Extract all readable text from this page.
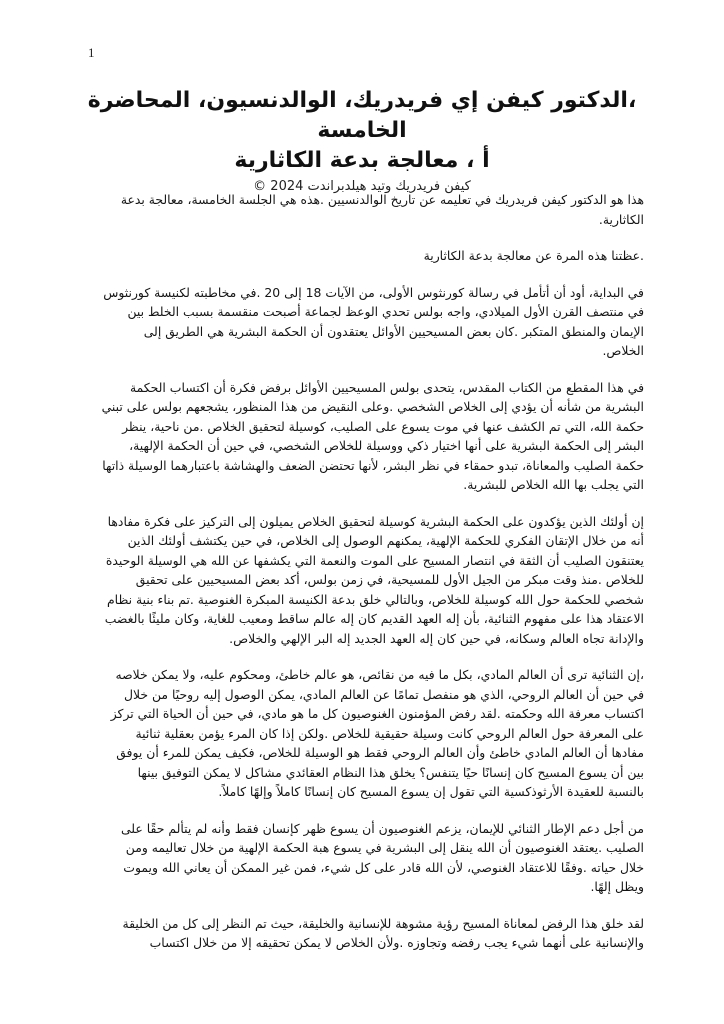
1
،الدكتور كيفن إي فريدريك، الوالدنسيون، المحاضرة الخامسة
أ ، معالجة بدعة الكاثارية
كيفن فريدريك وتيد هيلدبراندت 2024 ©

هذا هو الدكتور كيفن فريدريك في تعليمه عن تاريخ الوالدنسيين .هذه هي الجلسة الخامسة، معالجة بدعة الكاثارية.

.عظتنا هذه المرة عن معالجة بدعة الكاثارية

في البداية، أود أن أتأمل في رسالة كورنثوس الأولى، من الآيات 18 إلى 20 .في مخاطبته لكنيسة كورنثوس في منتصف القرن الأول الميلادي، واجه بولس تحدي الوعظ لجماعة أصبحت منقسمة بسبب الخلط بين الإيمان والمنطق المتكبر .كان بعض المسيحيين الأوائل يعتقدون أن الحكمة البشرية هي الطريق إلى الخلاص.

في هذا المقطع من الكتاب المقدس، يتحدى بولس المسيحيين الأوائل برفض فكرة أن اكتساب الحكمة البشرية من شأنه أن يؤدي إلى الخلاص الشخصي .وعلى النقيض من هذا المنظور، يشجعهم بولس على تبني حكمة الله، التي تم الكشف عنها في موت يسوع على الصليب، كوسيلة لتحقيق الخلاص .من ناحية، ينظر البشر إلى الحكمة البشرية على أنها اختيار ذكي ووسيلة للخلاص الشخصي، في حين أن الحكمة الإلهية، حكمة الصليب والمعاناة، تبدو حمقاء في نظر البشر، لأنها تحتضن الضعف والهشاشة باعتبارهما الوسيلة ذاتها التي يجلب بها الله الخلاص للبشرية.

إن أولئك الذين يؤكدون على الحكمة البشرية كوسيلة لتحقيق الخلاص يميلون إلى التركيز على فكرة مفادها أنه من خلال الإتقان الفكري للحكمة الإلهية، يمكنهم الوصول إلى الخلاص، في حين يكتشف أولئك الذين يعتنقون الصليب أن الثقة في انتصار المسيح على الموت والنعمة التي يكشفها عن الله هي الوسيلة الوحيدة للخلاص .منذ وقت مبكر من الجيل الأول للمسيحية، في زمن بولس، أكد بعض المسيحيين على تحقيق شخصي للحكمة حول الله كوسيلة للخلاص، وبالتالي خلق بدعة الكنيسة المبكرة الغنوصية .تم بناء بنية نظام الاعتقاد هذا على مفهوم الثنائية، بأن إله العهد القديم كان إله عالم ساقط ومعيب للغاية، وكان مليئًا بالغضب والإدانة تجاه العالم وسكانه، في حين كان إله العهد الجديد إله البر الإلهي والخلاص.

،إن الثنائية ترى أن العالم المادي، بكل ما فيه من نقائص، هو عالم خاطئ، ومحكوم عليه، ولا يمكن خلاصه في حين أن العالم الروحي، الذي هو منفصل تمامًا عن العالم المادي، يمكن الوصول إليه روحيًا من خلال اكتساب معرفة الله وحكمته .لقد رفض المؤمنون الغنوصيون كل ما هو مادي، في حين أن الحياة التي تركز على المعرفة حول العالم الروحي كانت وسيلة حقيقية للخلاص .ولكن إذا كان المرء يؤمن بعقلية ثنائية مفادها أن العالم المادي خاطئ وأن العالم الروحي فقط هو الوسيلة للخلاص، فكيف يمكن للمرء أن يوفق بين أن يسوع المسيح كان إنسانًا حيًا يتنفس؟ يخلق هذا النظام العقائدي مشاكل لا يمكن التوفيق بينها بالنسبة للعقيدة الأرثوذكسية التي تقول إن يسوع المسيح كان إنسانًا كاملاً وإلهًا كاملاً.

من أجل دعم الإطار الثنائي للإيمان، يزعم الغنوصيون أن يسوع ظهر كإنسان فقط وأنه لم يتألم حقًا على الصليب .يعتقد الغنوصيون أن الله ينقل إلى البشرية في يسوع هبة الحكمة الإلهية من خلال تعاليمه ومن خلال حياته .وفقًا للاعتقاد الغنوصي، لأن الله قادر على كل شيء، فمن غير الممكن أن يعاني الله ويموت ويظل إلهًا.

لقد خلق هذا الرفض لمعاناة المسيح رؤية مشوهة للإنسانية والخليقة، حيث تم النظر إلى كل من الخليقة والإنسانية على أنهما شيء يجب رفضه وتجاوزه .ولأن الخلاص لا يمكن تحقيقه إلا من خلال اكتساب
